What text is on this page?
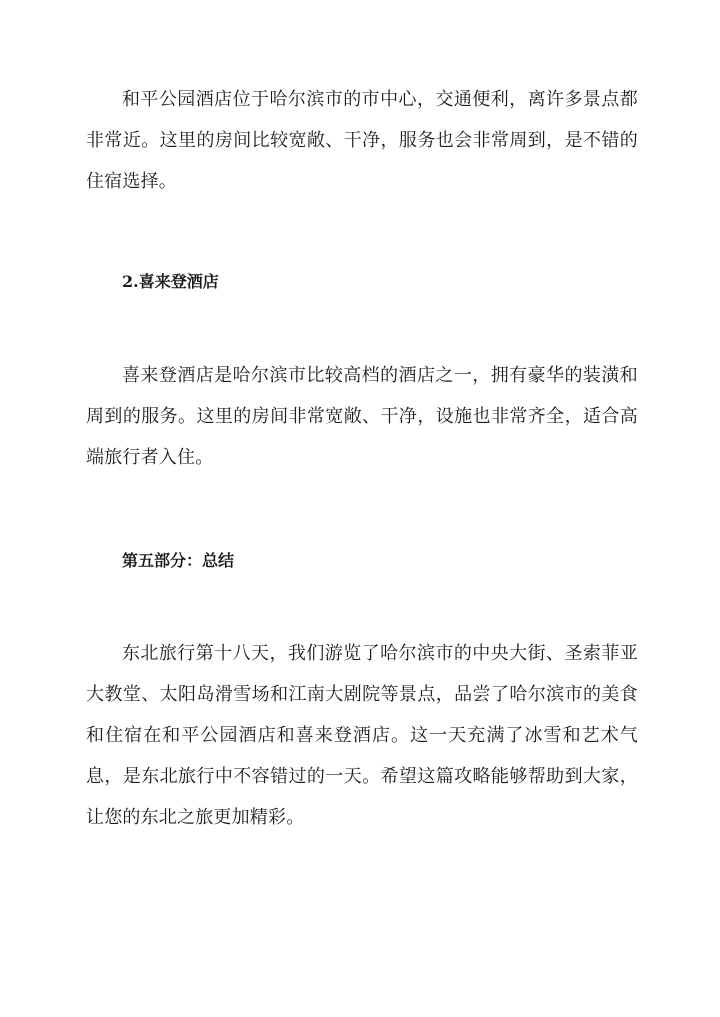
和平公园酒店位于哈尔滨市的市中心，交通便利，离许多景点都非常近。这里的房间比较宽敞、干净，服务也会非常周到，是不错的住宿选择。

2.喜来登酒店

喜来登酒店是哈尔滨市比较高档的酒店之一，拥有豪华的装潢和周到的服务。这里的房间非常宽敞、干净，设施也非常齐全，适合高端旅行者入住。

第五部分：总结

东北旅行第十八天，我们游览了哈尔滨市的中央大街、圣索菲亚大教堂、太阳岛滑雪场和江南大剧院等景点，品尝了哈尔滨市的美食和住宿在和平公园酒店和喜来登酒店。这一天充满了冰雪和艺术气息，是东北旅行中不容错过的一天。希望这篇攻略能够帮助到大家，让您的东北之旅更加精彩。
